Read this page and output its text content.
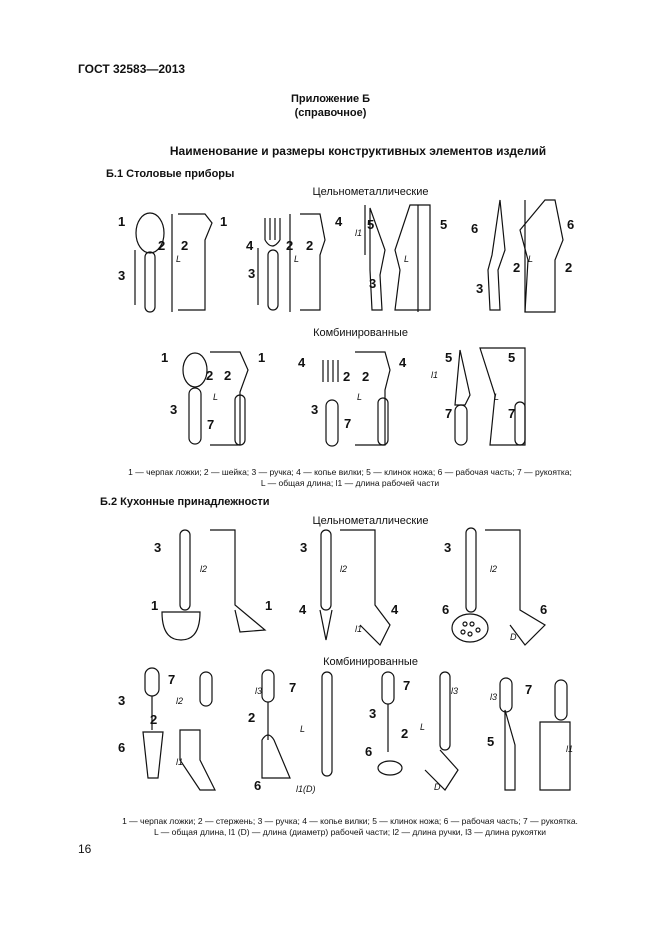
ГОСТ 32583—2013
Приложение Б
(справочное)
Наименование и размеры конструктивных элементов изделий
Б.1 Столовые приборы
Цельнометаллические
Комбинированные
1 — черпак ложки; 2 — шейка; 3 — ручка; 4 — копье вилки; 5 — клинок ножа; 6 — рабочая часть; 7 — рукоятка;
L — общая длина; l1 — длина рабочей части
Б.2 Кухонные принадлежности
Цельнометаллические
Комбинированные
1 — черпак ложки; 2 — стержень; 3 — ручка; 4 — копье вилки; 5 — клинок ножа; 6 — рабочая часть; 7 — рукоятка.
L — общая длина, l1 (D) — длина (диаметр) рабочей части; l2 — длина ручки, l3 — длина рукоятки
16
1	1
2 2
3
4
4
2 2
3
5	5
3
6	6
2	2
3
1	1
2 2
3
7
4	4
2 2
3
7
5	5
7	7
3
1	1
3
4	4
3
6	6
7
3
2
6
7
2
6
7
3
2
6
7
5
L	L	L	L
l1
L	L	L
l1
l2	l2	l2
l1
D
l2
l1
l3
L
l1(D)
l3
L
D
l3
l1
